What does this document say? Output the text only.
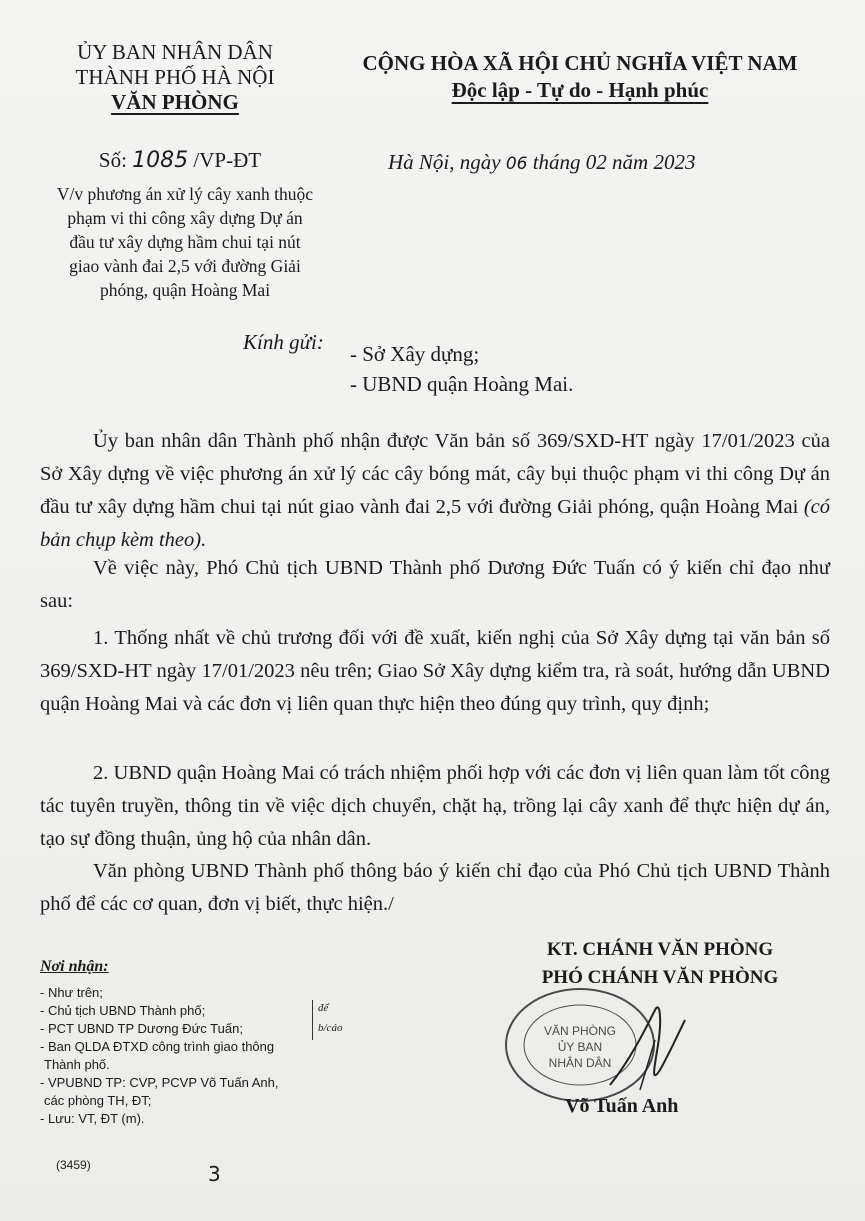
ỦY BAN NHÂN DÂN
THÀNH PHỐ HÀ NỘI
VĂN PHÒNG
CỘNG HÒA XÃ HỘI CHỦ NGHĨA VIỆT NAM
Độc lập - Tự do - Hạnh phúc
Số: 1085 /VP-ĐT	Hà Nội, ngày 06 tháng 02 năm 2023
V/v phương án xử lý cây xanh thuộc
phạm vi thi công xây dựng Dự án
đầu tư xây dựng hầm chui tại nút
giao vành đai 2,5 với đường Giải
phóng, quận Hoàng Mai
Kính gửi: - Sở Xây dựng;
- UBND quận Hoàng Mai.

Ủy ban nhân dân Thành phố nhận được Văn bản số 369/SXD-HT ngày 17/01/2023 của Sở Xây dựng về việc phương án xử lý các cây bóng mát, cây bụi thuộc phạm vi thi công Dự án đầu tư xây dựng hầm chui tại nút giao vành đai 2,5 với đường Giải phóng, quận Hoàng Mai (có bản chụp kèm theo).

Về việc này, Phó Chủ tịch UBND Thành phố Dương Đức Tuấn có ý kiến chỉ đạo như sau:

1. Thống nhất về chủ trương đối với đề xuất, kiến nghị của Sở Xây dựng tại văn bản số 369/SXD-HT ngày 17/01/2023 nêu trên; Giao Sở Xây dựng kiểm tra, rà soát, hướng dẫn UBND quận Hoàng Mai và các đơn vị liên quan thực hiện theo đúng quy trình, quy định;

2. UBND quận Hoàng Mai có trách nhiệm phối hợp với các đơn vị liên quan làm tốt công tác tuyên truyền, thông tin về việc dịch chuyển, chặt hạ, trồng lại cây xanh để thực hiện dự án, tạo sự đồng thuận, ủng hộ của nhân dân.

Văn phòng UBND Thành phố thông báo ý kiến chỉ đạo của Phó Chủ tịch UBND Thành phố để các cơ quan, đơn vị biết, thực hiện./

Nơi nhận:
- Như trên;
- Chủ tịch UBND Thành phố;
- PCT UBND TP Dương Đức Tuấn;
- Ban QLDA ĐTXD công trình giao thông
Thành phố.
- VPUBND TP: CVP, PCVP Võ Tuấn Anh,
các phòng TH, ĐT;
- Lưu: VT, ĐT (m).
để
b/cáo
(3459)	3
KT. CHÁNH VĂN PHÒNG
PHÓ CHÁNH VĂN PHÒNG
VĂN PHÒNG
ỦY BAN
NHÂN DÂN
Võ Tuấn Anh
